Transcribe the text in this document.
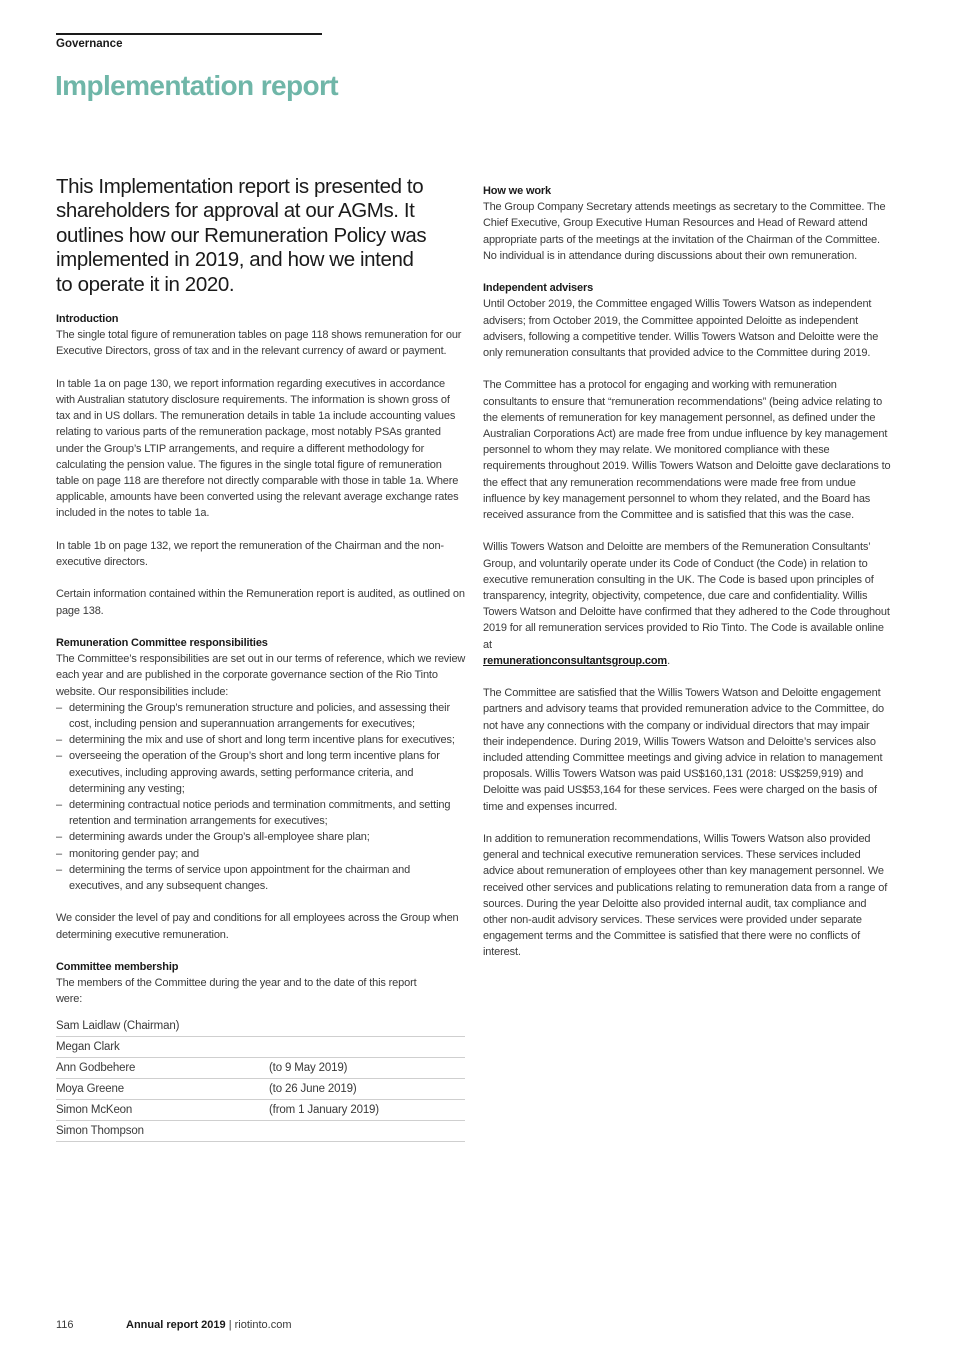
Governance
Implementation report
This Implementation report is presented to shareholders for approval at our AGMs. It outlines how our Remuneration Policy was implemented in 2019, and how we intend to operate it in 2020.
Introduction

The single total figure of remuneration tables on page 118 shows remuneration for our Executive Directors, gross of tax and in the relevant currency of award or payment.

In table 1a on page 130, we report information regarding executives in accordance with Australian statutory disclosure requirements. The information is shown gross of tax and in US dollars. The remuneration details in table 1a include accounting values relating to various parts of the remuneration package, most notably PSAs granted under the Group’s LTIP arrangements, and require a different methodology for calculating the pension value. The figures in the single total figure of remuneration table on page 118 are therefore not directly comparable with those in table 1a. Where applicable, amounts have been converted using the relevant average exchange rates included in the notes to table 1a.

In table 1b on page 132, we report the remuneration of the Chairman and the non-executive directors.

Certain information contained within the Remuneration report is audited, as outlined on page 138.

Remuneration Committee responsibilities

The Committee’s responsibilities are set out in our terms of reference, which we review each year and are published in the corporate governance section of the Rio Tinto website. Our responsibilities include:

– determining the Group’s remuneration structure and policies, and assessing their cost, including pension and superannuation arrangements for executives;
– determining the mix and use of short and long term incentive plans for executives;
– overseeing the operation of the Group’s short and long term incentive plans for executives, including approving awards, setting performance criteria, and determining any vesting;
– determining contractual notice periods and termination commitments, and setting retention and termination arrangements for executives;
– determining awards under the Group’s all-employee share plan;
– monitoring gender pay; and
– determining the terms of service upon appointment for the chairman and executives, and any subsequent changes.

We consider the level of pay and conditions for all employees across the Group when determining executive remuneration.

Committee membership

The members of the Committee during the year and to the date of this report were:

Sam Laidlaw (Chairman)	
Megan Clark	
Ann Godbehere	(to 9 May 2019)
Moya Greene	(to 26 June 2019)
Simon McKeon	(from 1 January 2019)
Simon Thompson	
How we work

The Group Company Secretary attends meetings as secretary to the Committee. The Chief Executive, Group Executive Human Resources and Head of Reward attend appropriate parts of the meetings at the invitation of the Chairman of the Committee. No individual is in attendance during discussions about their own remuneration.

Independent advisers

Until October 2019, the Committee engaged Willis Towers Watson as independent advisers; from October 2019, the Committee appointed Deloitte as independent advisers, following a competitive tender. Willis Towers Watson and Deloitte were the only remuneration consultants that provided advice to the Committee during 2019.

The Committee has a protocol for engaging and working with remuneration consultants to ensure that “remuneration recommendations” (being advice relating to the elements of remuneration for key management personnel, as defined under the Australian Corporations Act) are made free from undue influence by key management personnel to whom they may relate. We monitored compliance with these requirements throughout 2019. Willis Towers Watson and Deloitte gave declarations to the effect that any remuneration recommendations were made free from undue influence by key management personnel to whom they related, and the Board has received assurance from the Committee and is satisfied that this was the case.

Willis Towers Watson and Deloitte are members of the Remuneration Consultants’ Group, and voluntarily operate under its Code of Conduct (the Code) in relation to executive remuneration consulting in the UK. The Code is based upon principles of transparency, integrity, objectivity, competence, due care and confidentiality. Willis Towers Watson and Deloitte have confirmed that they adhered to the Code throughout 2019 for all remuneration services provided to Rio Tinto. The Code is available online at
remunerationconsultantsgroup.com.

The Committee are satisfied that the Willis Towers Watson and Deloitte engagement partners and advisory teams that provided remuneration advice to the Committee, do not have any connections with the company or individual directors that may impair their independence. During 2019, Willis Towers Watson and Deloitte’s services also included attending Committee meetings and giving advice in relation to management proposals. Willis Towers Watson was paid US$160,131 (2018: US$259,919) and Deloitte was paid US$53,164 for these services. Fees were charged on the basis of time and expenses incurred.

In addition to remuneration recommendations, Willis Towers Watson also provided general and technical executive remuneration services. These services included advice about remuneration of employees other than key management personnel. We received other services and publications relating to remuneration data from a range of sources. During the year Deloitte also provided internal audit, tax compliance and other non-audit advisory services. These services were provided under separate engagement terms and the Committee is satisfied that there were no conflicts of interest.

116	Annual report 2019 | riotinto.com
